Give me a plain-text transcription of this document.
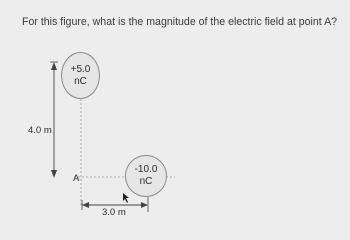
For this figure, what is the magnitude of the electric field at point A?
+5.0
nC
-10.0
nC
4.0 m
A
3.0 m
